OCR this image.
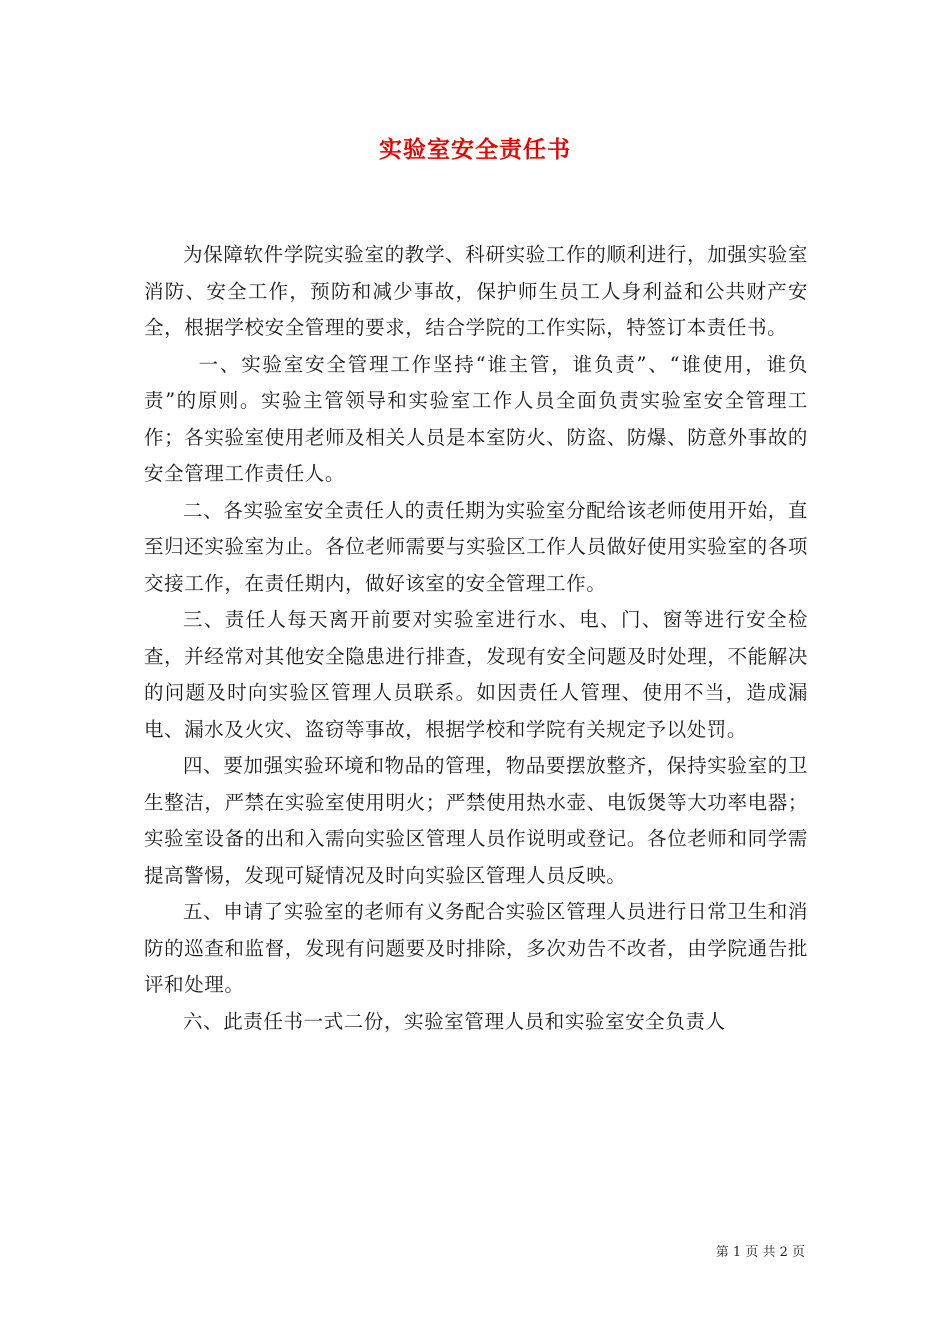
实验室安全责任书

为保障软件学院实验室的教学、科研实验工作的顺利进行，加强实验室消防、安全工作，预防和减少事故，保护师生员工人身利益和公共财产安全，根据学校安全管理的要求，结合学院的工作实际，特签订本责任书。

一、实验室安全管理工作坚持“谁主管，谁负责”、“谁使用，谁负责”的原则。实验主管领导和实验室工作人员全面负责实验室安全管理工作；各实验室使用老师及相关人员是本室防火、防盗、防爆、防意外事故的安全管理工作责任人。

二、各实验室安全责任人的责任期为实验室分配给该老师使用开始，直至归还实验室为止。各位老师需要与实验区工作人员做好使用实验室的各项交接工作，在责任期内，做好该室的安全管理工作。

三、责任人每天离开前要对实验室进行水、电、门、窗等进行安全检查，并经常对其他安全隐患进行排查，发现有安全问题及时处理，不能解决的问题及时向实验区管理人员联系。如因责任人管理、使用不当，造成漏电、漏水及火灾、盗窃等事故，根据学校和学院有关规定予以处罚。

四、要加强实验环境和物品的管理，物品要摆放整齐，保持实验室的卫生整洁，严禁在实验室使用明火；严禁使用热水壶、电饭煲等大功率电器；实验室设备的出和入需向实验区管理人员作说明或登记。各位老师和同学需提高警惕，发现可疑情况及时向实验区管理人员反映。

五、申请了实验室的老师有义务配合实验区管理人员进行日常卫生和消防的巡查和监督，发现有问题要及时排除，多次劝告不改者，由学院通告批评和处理。

六、此责任书一式二份，实验室管理人员和实验室安全负责人

第 1 页 共 2 页
